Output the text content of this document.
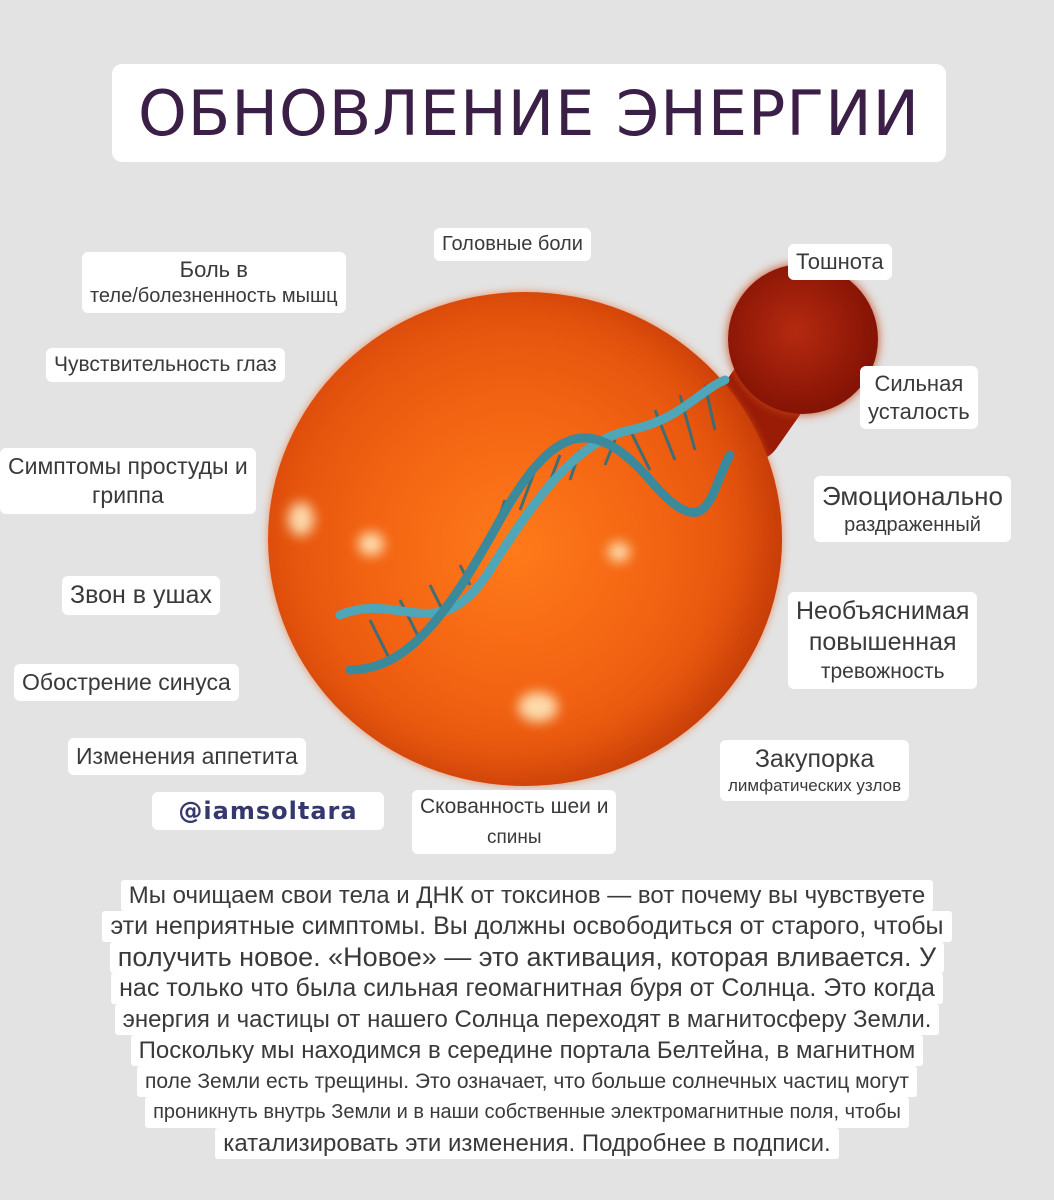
ОБНОВЛЕНИЕ ЭНЕРГИИ
Головные боли
Боль в
теле/болезненность мышц
Тошнота
Чувствительность глаз
Сильная
усталость
Симптомы простуды и
гриппа	Эмоционально
раздраженный
Звон в ушах
Необъяснимая
повышенная
тревожность
Обострение синуса
Изменения аппетита	Закупорка
лимфатических узлов
Скованность шеи и
спины
@iamsoltara
Мы очищаем свои тела и ДНК от токсинов — вот почему вы чувствуете
эти неприятные симптомы. Вы должны освободиться от старого, чтобы
получить новое. «Новое» — это активация, которая вливается. У
нас только что была сильная геомагнитная буря от Солнца. Это когда
энергия и частицы от нашего Солнца переходят в магнитосферу Земли.
Поскольку мы находимся в середине портала Белтейна, в магнитном
поле Земли есть трещины. Это означает, что больше солнечных частиц могут
проникнуть внутрь Земли и в наши собственные электромагнитные поля, чтобы
катализировать эти изменения. Подробнее в подписи.
